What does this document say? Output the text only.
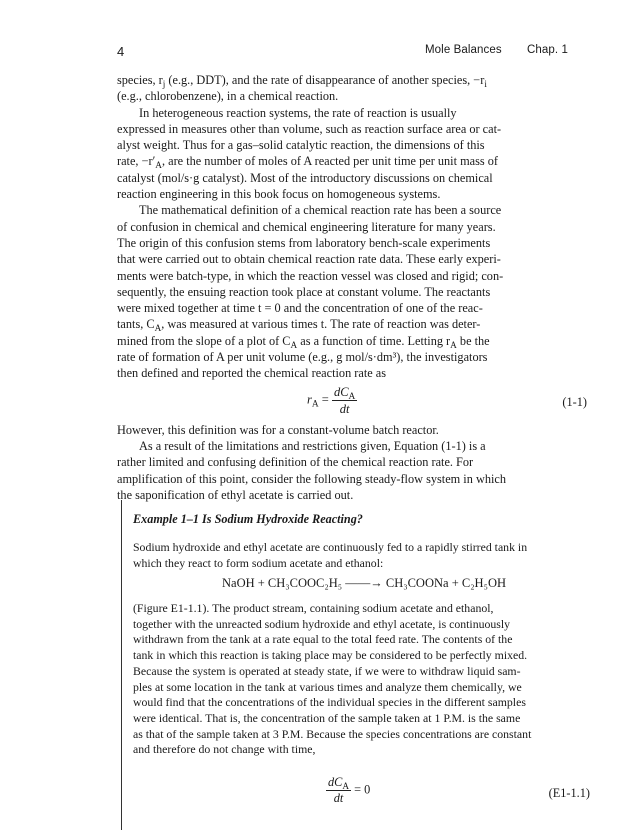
4	Mole Balances Chap. 1
species, $r_j$ (e.g., DDT), and the rate of disappearance of another species, $-r_i$
(e.g., chlorobenzene), in a chemical reaction.
In heterogeneous reaction systems, the rate of reaction is usually
expressed in measures other than volume, such as reaction surface area or cat-
alyst weight. Thus for a gas–solid catalytic reaction, the dimensions of this
rate, $-r'_A$ , are the number of moles of A reacted per unit time per unit mass of
catalyst (mol/s·g catalyst). Most of the introductory discussions on chemical
reaction engineering in this book focus on homogeneous systems.
The mathematical definition of a chemical reaction rate has been a source
of confusion in chemical and chemical engineering literature for many years.
The origin of this confusion stems from laboratory bench-scale experiments
that were carried out to obtain chemical reaction rate data. These early experi-
ments were batch-type, in which the reaction vessel was closed and rigid; con-
sequently, the ensuing reaction took place at constant volume. The reactants
were mixed together at time t = 0 and the concentration of one of the reac-
tants, $C_A$ , was measured at various times t. The rate of reaction was deter-
mined from the slope of a plot of $C_A$ as a function of time. Letting $r_A$ be the
rate of formation of A per unit volume (e.g., g mol/s·dm³), the investigators
then defined and reported the chemical reaction rate as
$r_A$ =
$dC_A$
dt
(1-1)
However, this definition was for a constant-volume batch reactor.
As a result of the limitations and restrictions given, Equation (1-1) is a
rather limited and confusing definition of the chemical reaction rate. For
amplification of this point, consider the following steady-flow system in which
the saponification of ethyl acetate is carried out.
Example 1–1 Is Sodium Hydroxide Reacting?
Sodium hydroxide and ethyl acetate are continuously fed to a rapidly stirred tank in
which they react to form sodium acetate and ethanol:
NaOH + CH₃COOC₂H₅ ——→ CH₃COONa + C₂H₅OH
(Figure E1-1.1). The product stream, containing sodium acetate and ethanol,
together with the unreacted sodium hydroxide and ethyl acetate, is continuously
withdrawn from the tank at a rate equal to the total feed rate. The contents of the
tank in which this reaction is taking place may be considered to be perfectly mixed.
Because the system is operated at steady state, if we were to withdraw liquid sam-
ples at some location in the tank at various times and analyze them chemically, we
would find that the concentrations of the individual species in the different samples
were identical. That is, the concentration of the sample taken at 1 P.M. is the same
as that of the sample taken at 3 P.M. Because the species concentrations are constant
and therefore do not change with time,
$dC_A$
dt = 0	(E1-1.1)
